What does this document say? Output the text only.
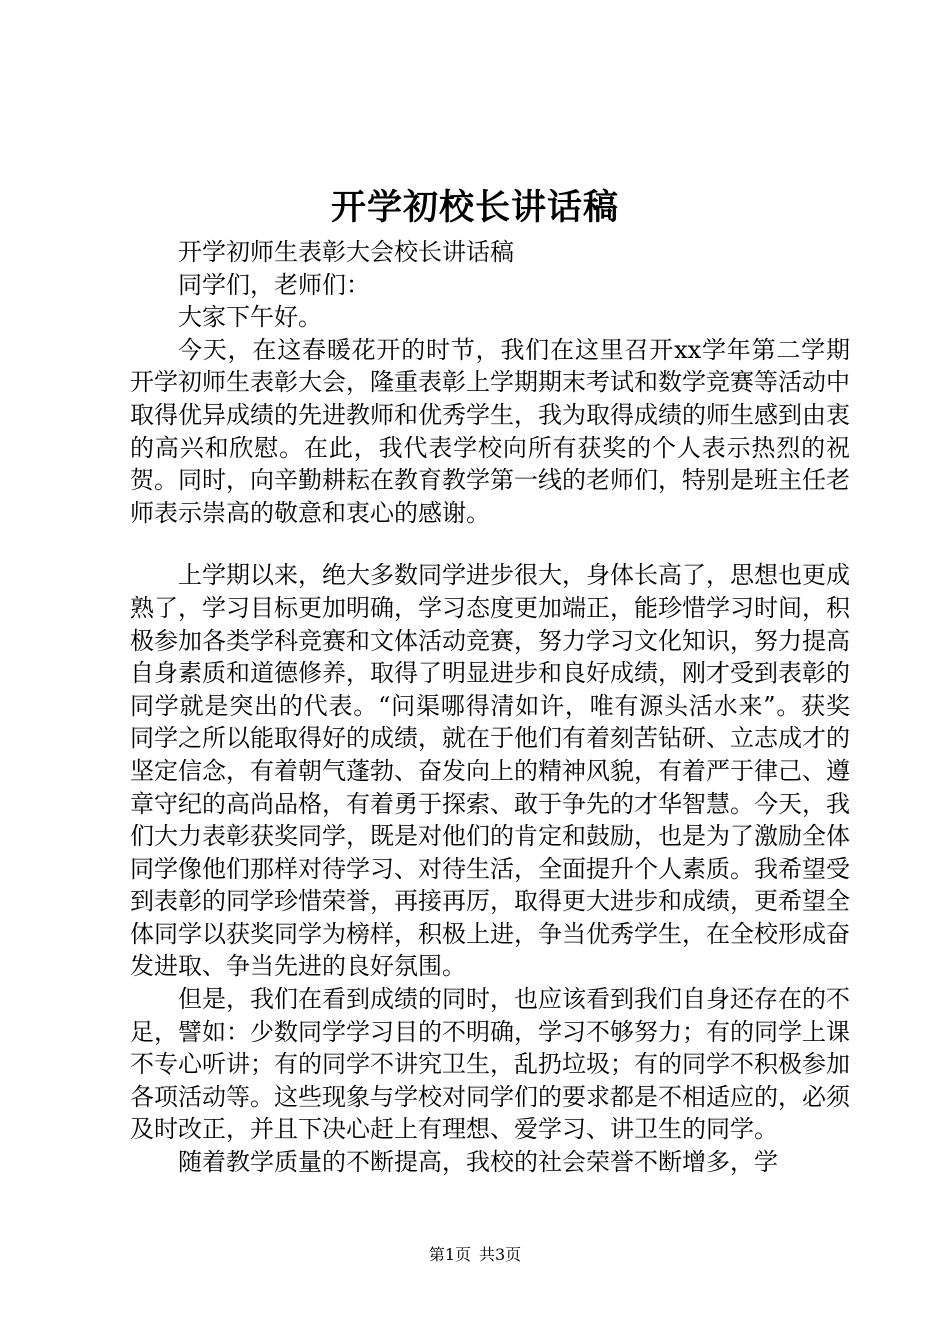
开学初校长讲话稿

开学初师生表彰大会校长讲话稿

同学们，老师们：

大家下午好。

今天，在这春暖花开的时节，我们在这里召开xx学年第二学期开学初师生表彰大会，隆重表彰上学期期末考试和数学竞赛等活动中取得优异成绩的先进教师和优秀学生，我为取得成绩的师生感到由衷的高兴和欣慰。在此，我代表学校向所有获奖的个人表示热烈的祝贺。同时，向辛勤耕耘在教育教学第一线的老师们，特别是班主任老师表示崇高的敬意和衷心的感谢。

上学期以来，绝大多数同学进步很大，身体长高了，思想也更成熟了，学习目标更加明确，学习态度更加端正，能珍惜学习时间，积极参加各类学科竞赛和文体活动竞赛，努力学习文化知识，努力提高自身素质和道德修养，取得了明显进步和良好成绩，刚才受到表彰的同学就是突出的代表。“问渠哪得清如许，唯有源头活水来”。获奖同学之所以能取得好的成绩，就在于他们有着刻苦钻研、立志成才的坚定信念，有着朝气蓬勃、奋发向上的精神风貌，有着严于律己、遵章守纪的高尚品格，有着勇于探索、敢于争先的才华智慧。今天，我们大力表彰获奖同学，既是对他们的肯定和鼓励，也是为了激励全体同学像他们那样对待学习、对待生活，全面提升个人素质。我希望受到表彰的同学珍惜荣誉，再接再厉，取得更大进步和成绩，更希望全体同学以获奖同学为榜样，积极上进，争当优秀学生，在全校形成奋发进取、争当先进的良好氛围。

但是，我们在看到成绩的同时，也应该看到我们自身还存在的不足，譬如：少数同学学习目的不明确，学习不够努力；有的同学上课不专心听讲；有的同学不讲究卫生，乱扔垃圾；有的同学不积极参加各项活动等。这些现象与学校对同学们的要求都是不相适应的，必须及时改正，并且下决心赶上有理想、爱学习、讲卫生的同学。

随着教学质量的不断提高，我校的社会荣誉不断增多，学

第1页 共3页
